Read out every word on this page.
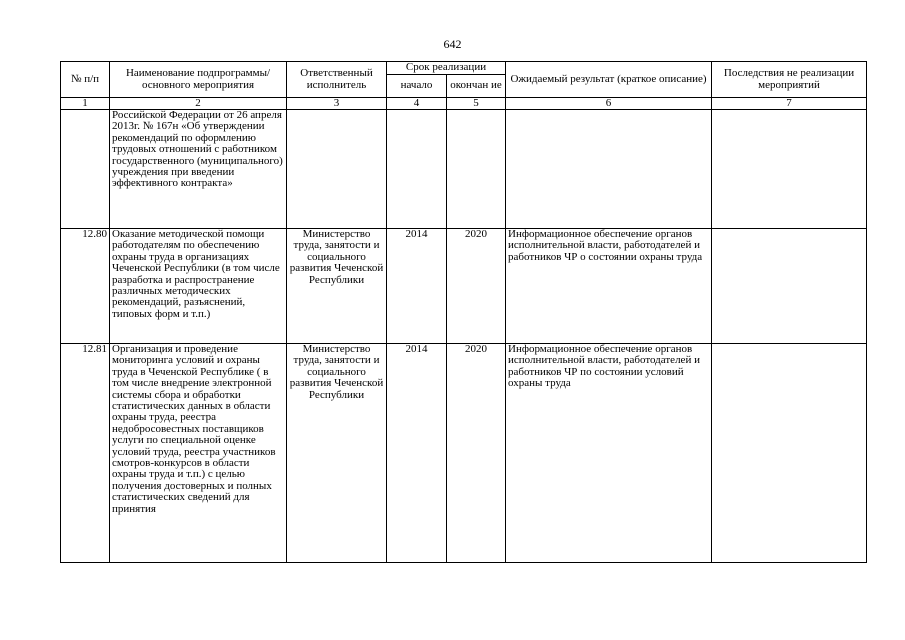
642
№ п/п	Наименование подпрограммы/ основного мероприятия	Ответственный исполнитель	Срок реализации		Ожидаемый результат (краткое описание)	Последствия не реализации мероприятий
			начало	окончан ие		
1	2	3	4	5	6	7
	Российской Федерации от 26 апреля 2013г. № 167н «Об утверждении рекомендаций по оформлению трудовых отношений с работником государственного (муниципального) учреждения при введении эффективного контракта»					
12.80	Оказание методической помощи работодателям по обеспечению охраны труда в организациях Чеченской Республики (в том числе разработка и распространение различных методических рекомендаций, разъяснений, типовых форм и т.п.)	Министерство труда, занятости и социального развития Чеченской Республики	2014	2020	Информационное обеспечение органов исполнительной власти, работодателей и работников ЧР о состоянии охраны труда	
12.81	Организация и проведение мониторинга условий и охраны труда в Чеченской Республике ( в том числе внедрение электронной системы сбора и обработки статистических данных в области охраны труда, реестра недобросовестных поставщиков услуги по специальной оценке условий труда, реестра участников смотров-конкурсов в области охраны труда и т.п.) с целью получения достоверных и полных статистических сведений для принятия	Министерство труда, занятости и социального развития Чеченской Республики	2014	2020	Информационное обеспечение органов исполнительной власти, работодателей и работников ЧР по состоянии условий охраны труда	
